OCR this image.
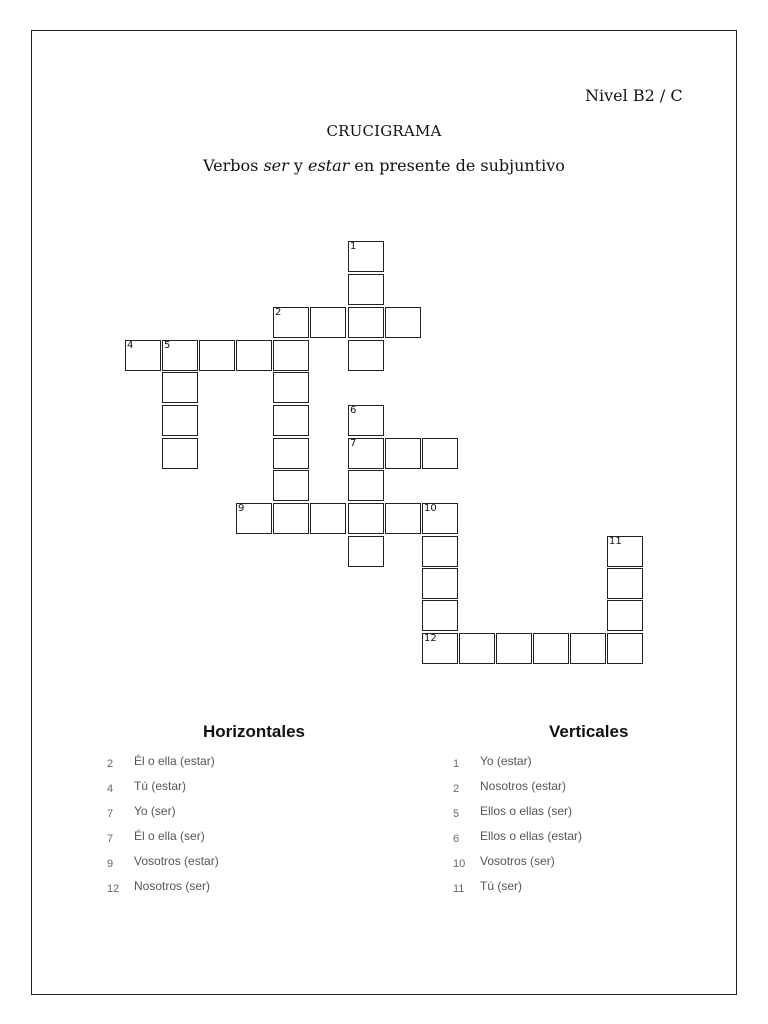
Nivel B2 / C
CRUCIGRAMA
Verbos ser y estar en presente de subjuntivo
1
2
4	5
6
7
9	10
11
12
Horizontales
2 Él o ella (estar)
4 Tú (estar)
7 Yo (ser)
7 Él o ella (ser)
9 Vosotros (estar)
12 Nosotros (ser)
Verticales
1 Yo (estar)
2 Nosotros (estar)
5 Ellos o ellas (ser)
6 Ellos o ellas (estar)
10 Vosotros (ser)
11 Tú (ser)
